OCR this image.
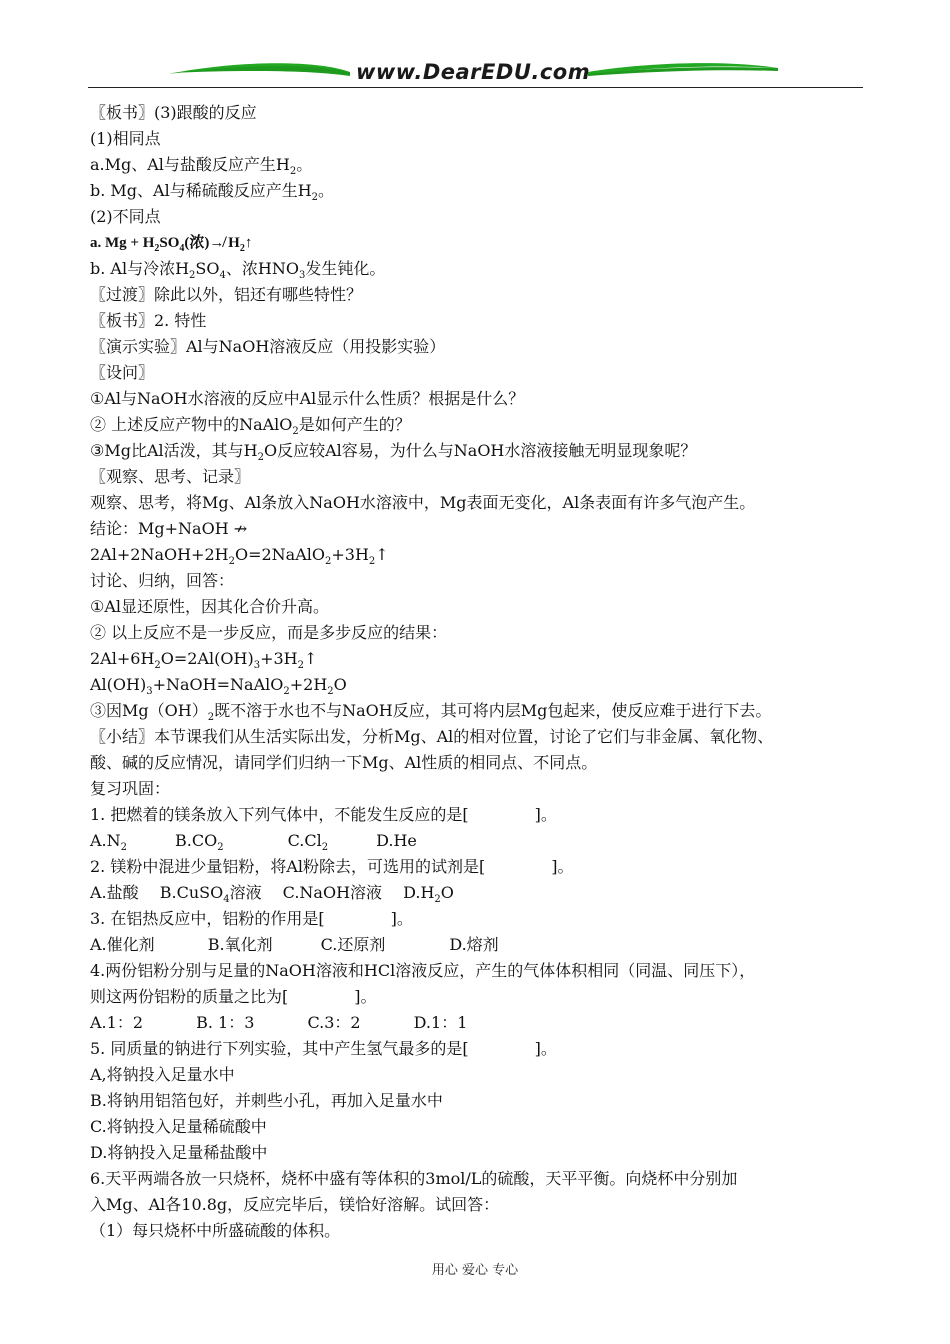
www.DearEDU.com
〖板书〗(3)跟酸的反应
(1)相同点
a.Mg、Al与盐酸反应产生$H_2$。
b. Mg、Al与稀硫酸反应产生$H_2$。
(2)不同点
a. $Mg + H_2SO_4$(浓)↛ $H_2↑$
b. Al与冷浓$H_2SO_4$、浓$HNO_3$发生钝化。
〖过渡〗除此以外，铝还有哪些特性？
〖板书〗2. 特性
〖演示实验〗Al与NaOH溶液反应（用投影实验）
〖设问〗
①Al与NaOH水溶液的反应中Al显示什么性质？根据是什么？
② 上述反应产物中的NaAlO$_2$是如何产生的？
③Mg比Al活泼，其与$H_2O$反应较Al容易，为什么与NaOH水溶液接触无明显现象呢？
〖观察、思考、记录〗
观察、思考，将Mg、Al条放入NaOH水溶液中，Mg表面无变化，Al条表面有许多气泡产生。
结论：Mg+NaOH ↛
$2Al+2NaOH+2H_2O=2NaAlO_2+3H_2↑$
讨论、归纳，回答：
①Al显还原性，因其化合价升高。
② 以上反应不是一步反应，而是多步反应的结果：
$2Al+6H_2O=2Al(OH)_3+3H_2↑$
$Al(OH)_3+NaOH=NaAlO_2+2H_2O$
③因$Mg(OH)_2$既不溶于水也不与NaOH反应，其可将内层Mg包起来，使反应难于进行下去。
〖小结〗本节课我们从生活实际出发，分析Mg、Al的相对位置，讨论了它们与非金属、氧化物、
酸、碱的反应情况，请同学们归纳一下Mg、Al性质的相同点、不同点。
复习巩固：
1. 把燃着的镁条放入下列气体中，不能发生反应的是[	]。
$A.N_2$　　　$B.CO_2$　　　　$C.Cl_2$　　　D.He
2. 镁粉中混进少量铝粉，将Al粉除去，可选用的试剂是[	]。
A.盐酸　 B.CuSO$_4$溶液　 C.NaOH溶液　 $D.H_2O$
3. 在铝热反应中，铝粉的作用是[	]。
A.催化剂　　　 B.氧化剂　　　C.还原剂　　　　D.熔剂
4.两份铝粉分别与足量的NaOH溶液和HCl溶液反应，产生的气体体积相同（同温、同压下），
则这两份铝粉的质量之比为[	]。
A.1：2　　　 B. 1：3　　　 C.3：2　　　 D.1：1
5. 同质量的钠进行下列实验，其中产生氢气最多的是[	]。
A,将钠投入足量水中
B.将钠用铝箔包好，并刺些小孔，再加入足量水中
C.将钠投入足量稀硫酸中
D.将钠投入足量稀盐酸中
6.天平两端各放一只烧杯，烧杯中盛有等体积的3mol/L的硫酸，天平平衡。向烧杯中分别加
入Mg、Al各10.8g，反应完毕后，镁恰好溶解。试回答：
（1）每只烧杯中所盛硫酸的体积。
用心 爱心 专心
